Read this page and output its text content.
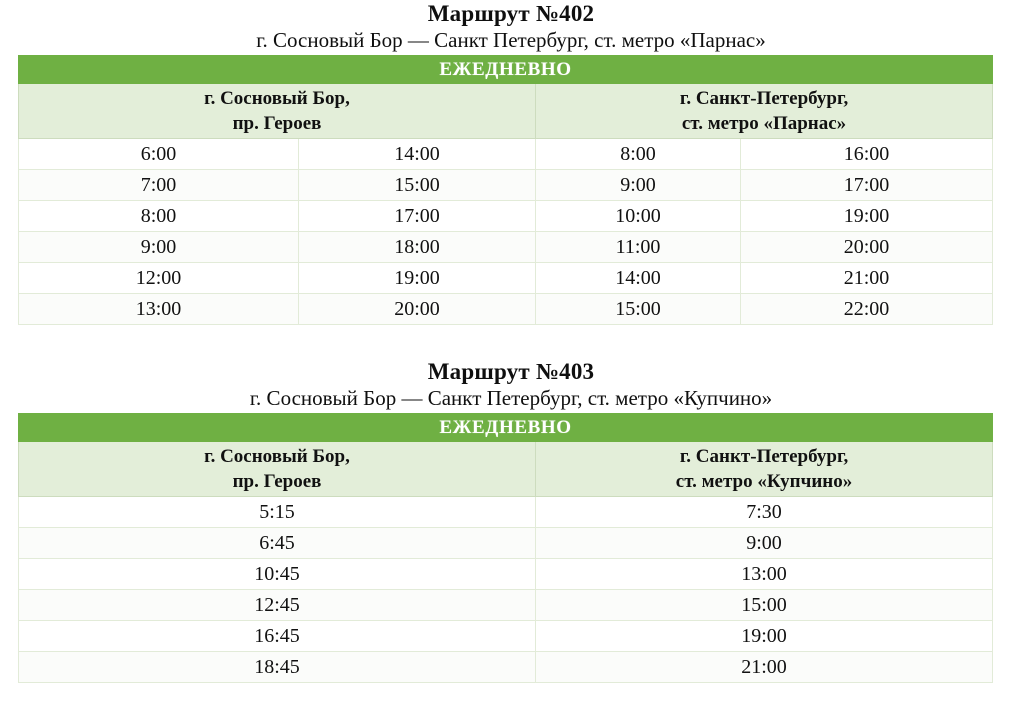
Маршрут №402
г. Сосновый Бор — Санкт Петербург, ст. метро «Парнас»
ЕЖЕДНЕВНО			

г. Сосновый Бор,
пр. Героев		г. Санкт-Петербург,
ст. метро «Парнас»	

6:00	14:00	8:00	16:00
7:00	15:00	9:00	17:00
8:00	17:00	10:00	19:00
9:00	18:00	11:00	20:00
12:00	19:00	14:00	21:00
13:00	20:00	15:00	22:00
Маршрут №403
г. Сосновый Бор — Санкт Петербург, ст. метро «Купчино»
ЕЖЕДНЕВНО	

г. Сосновый Бор,
пр. Героев	г. Санкт-Петербург,
ст. метро «Купчино»

5:15	7:30
6:45	9:00
10:45	13:00
12:45	15:00
16:45	19:00
18:45	21:00
